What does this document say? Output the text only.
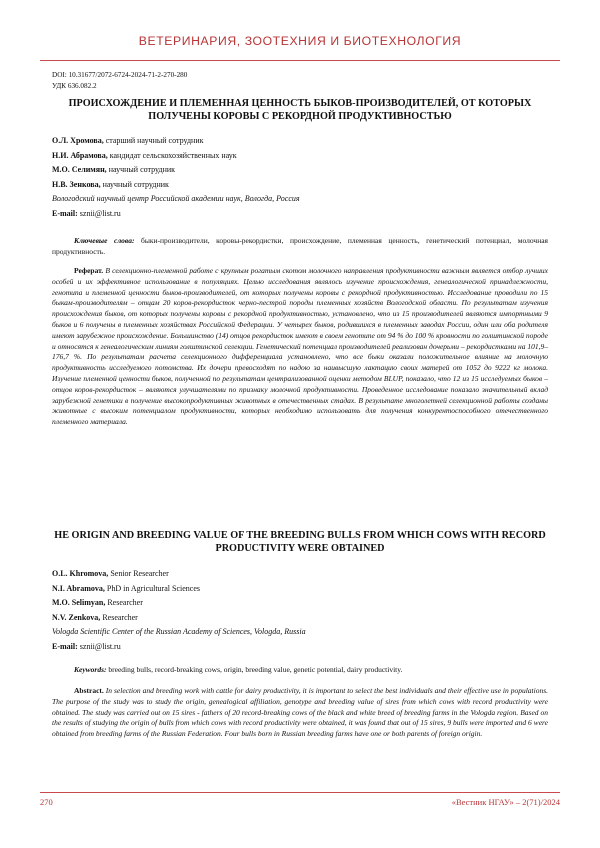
ВЕТЕРИНАРИЯ, ЗООТЕХНИЯ И БИОТЕХНОЛОГИЯ
DOI: 10.31677/2072-6724-2024-71-2-270-280
УДК 636.082.2
ПРОИСХОЖДЕНИЕ И ПЛЕМЕННАЯ ЦЕННОСТЬ БЫКОВ-ПРОИЗВОДИТЕЛЕЙ, ОТ КОТОРЫХ ПОЛУЧЕНЫ КОРОВЫ С РЕКОРДНОЙ ПРОДУКТИВНОСТЬЮ
О.Л. Хромова, старший научный сотрудник
Н.И. Абрамова, кандидат сельскохозяйственных наук
М.О. Селимян, научный сотрудник
Н.В. Зенкова, научный сотрудник
Вологодский научный центр Российской академии наук, Вологда, Россия
E-mail: szniі@list.ru
Ключевые слова: быки-производители, коровы-рекордистки, происхождение, племенная ценность, генетический потенциал, молочная продуктивность.
Реферат. В селекционно-племенной работе с крупным рогатым скотом молочного направления продуктивности важным является отбор лучших особей и их эффективное использование в популяциях. Целью исследования являлось изучение происхождения, генеалогической принадлежности, генотипа и племенной ценности быков-производителей, от которых получены коровы с рекордной продуктивностью. Исследование проводили по 15 быкам-производителям – отцам 20 коров-рекордисток черно-пестрой породы племенных хозяйств Вологодской области. По результатам изучения происхождения быков, от которых получены коровы с рекордной продуктивностью, установлено, что из 15 производителей являются импортными 9 быков и 6 получены в племенных хозяйствах Российской Федерации. У четырех быков, родившихся в племенных заводах России, один или оба родителя имеют зарубежное происхождение. Большинство (14) отцов рекордисток имеют в своем генотипе от 94 % до 100 % кровности по голштинской породе и относятся к генеалогическим линиям голштинской селекции. Генетический потенциал производителей реализован дочерьми – рекордистками на 101,9–176,7 %. По результатам расчета селекционного дифференциала установлено, что все быки оказали положительное влияние на молочную продуктивность исследуемого потомства. Их дочери превосходят по надою за наивысшую лактацию своих матерей от 1052 до 9222 кг молока. Изучение племенной ценности быков, полученной по результатам централизованной оценки методом BLUP, показало, что 12 из 15 исследуемых быков – отцов коров-рекордисток – являются улучшателями по признаку молочной продуктивности. Проведенное исследование показало значительный вклад зарубежной генетики в получение высокопродуктивных животных в отечественных стадах. В результате многолетней селекционной работы созданы животные с высоким потенциалом продуктивности, которых необходимо использовать для получения конкурентоспособного отечественного племенного материала.
HE ORIGIN AND BREEDING VALUE OF THE BREEDING BULLS FROM WHICH COWS WITH RECORD PRODUCTIVITY WERE OBTAINED
O.L. Khromova, Senior Researcher
N.I. Abramova, PhD in Agricultural Sciences
M.O. Selimyan, Researcher
N.V. Zenkova, Researcher
Vologda Scientific Center of the Russian Academy of Sciences, Vologda, Russia
E-mail: szniі@list.ru
Keywords: breeding bulls, record-breaking cows, origin, breeding value, genetic potential, dairy productivity.
Abstract. In selection and breeding work with cattle for dairy productivity, it is important to select the best individuals and their effective use in populations. The purpose of the study was to study the origin, genealogical affiliation, genotype and breeding value of sires from which cows with record productivity were obtained. The study was carried out on 15 sires - fathers of 20 record-breaking cows of the black and white breed of breeding farms in the Vologda region. Based on the results of studying the origin of bulls from which cows with record productivity were obtained, it was found that out of 15 sires, 9 bulls were imported and 6 were obtained from breeding farms of the Russian Federation. Four bulls born in Russian breeding farms have one or both parents of foreign origin.
270	«Вестник НГАУ» – 2(71)/2024
